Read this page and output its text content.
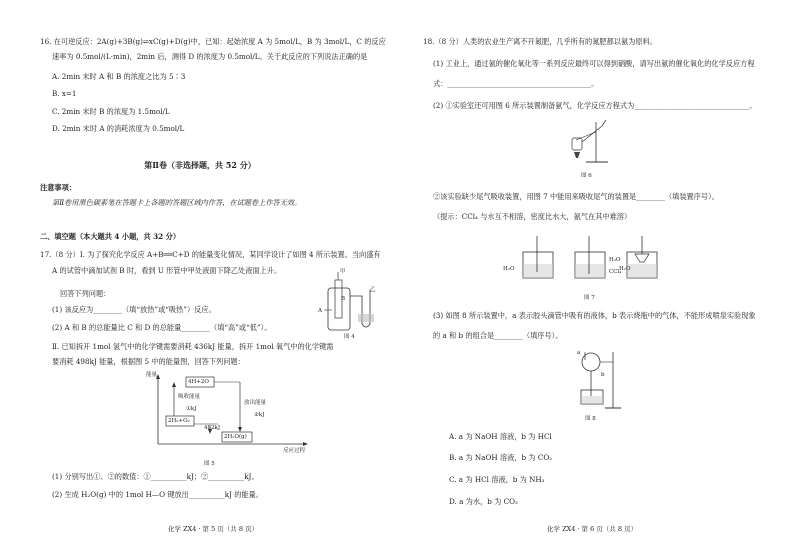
16. 在可逆反应：2A(g)+3B(g)⇌xC(g)+D(g)中，已知：起始浓度 A 为 5mol/L，B 为 3mol/L，C 的反应
速率为 0.5mol/(L·min)，2min 后，测得 D 的浓度为 0.5mol/L。关于此反应的下列说法正确的是
A. 2min 末时 A 和 B 的浓度之比为 5∶3
B. x=1
C. 2min 末时 B 的浓度为 1.5mol/L
D. 2min 末时 A 的消耗浓度为 0.5mol/L
第Ⅱ卷（非选择题，共 52 分）
注意事项：
第Ⅱ卷用黑色碳素笔在答题卡上各题的答题区域内作答，在试题卷上作答无效。
二、填空题（本大题共 4 小题，共 32 分）
17.（8 分）Ⅰ. 为了探究化学反应 A+B══C+D 的能量变化情况，某同学设计了如图 4 所示装置。当向盛有
A 的试管中滴加试剂 B 时，看到 U 形管中甲处液面下降乙处液面上升。
回答下列问题：
(1) 该反应为________（填“放热”或“吸热”）反应。
(2) A 和 B 的总能量比 C 和 D 的总能量________（填“高”或“低”）。
Ⅱ. 已知拆开 1mol 氢气中的化学键需要消耗 436kJ 能量，拆开 1mol 氧气中的化学键需
要消耗 498kJ 能量，根据图 5 中的能量图，回答下列问题：
甲
乙
A
B
图 4
能量
4H+2O
吸收能量
①kJ
放出能量
②kJ
2H₂+O₂
482kJ
2H₂O(g)
反应过程
图 5
(1) 分别写出①、②的数值：①__________kJ；②__________kJ。
(2) 生成 H₂O(g) 中的 1mol H—O 键放出__________kJ 的能量。
化学 ZX4 · 第 5 页（共 8 页）
18.（8 分）人类的农业生产离不开氮肥，几乎所有的氮肥都以氨为原料。
(1) 工业上，通过氨的催化氧化等一系列反应最终可以得到硝酸，请写出氨的催化氧化的化学反应方程
式：________________________________________。
(2) ①实验室还可用图 6 所示装置制备氨气，化学反应方程式为________________________________。
图 6
②该实验缺少尾气吸收装置，用图 7 中能用来吸收尾气的装置是________（填装置序号）。
（提示：CCl₄ 与水互不相溶，密度比水大，氨气在其中难溶）
H₂O
H₂O
CCl₄
H₂O
图 7
(3) 如图 8 所示装置中，a 表示胶头滴管中吸有的液体，b 表示烧瓶中的气体，不能形成喷泉实验现象
的 a 和 b 的组合是________（填序号）。
a
b
图 8
A. a 为 NaOH 溶液，b 为 HCl
B. a 为 NaOH 溶液，b 为 CO₂
C. a 为 HCl 溶液，b 为 NH₃
D. a 为水，b 为 CO₂
化学 ZX4 · 第 6 页（共 8 页）
